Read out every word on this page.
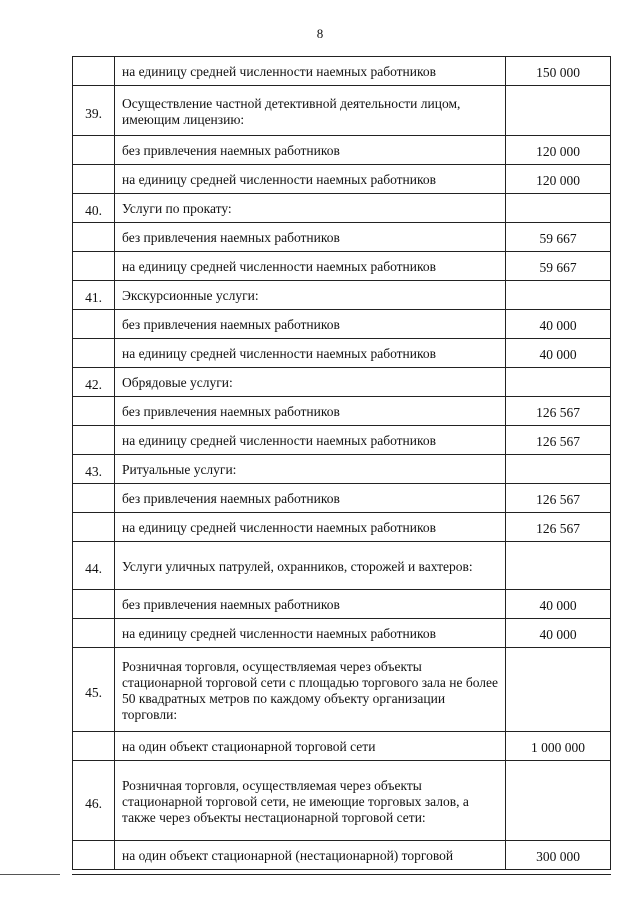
8
	на единицу средней численности наемных работников	150 000
39.	Осуществление частной детективной деятельности лицом, имеющим лицензию:	
	без привлечения наемных работников	120 000
	на единицу средней численности наемных работников	120 000
40.	Услуги по прокату:	
	без привлечения наемных работников	59 667
	на единицу средней численности наемных работников	59 667
41.	Экскурсионные услуги:	
	без привлечения наемных работников	40 000
	на единицу средней численности наемных работников	40 000
42.	Обрядовые услуги:	
	без привлечения наемных работников	126 567
	на единицу средней численности наемных работников	126 567
43.	Ритуальные услуги:	
	без привлечения наемных работников	126 567
	на единицу средней численности наемных работников	126 567
44.	Услуги уличных патрулей, охранников, сторожей и вахтеров:	
	без привлечения наемных работников	40 000
	на единицу средней численности наемных работников	40 000
45.	Розничная торговля, осуществляемая через объекты стационарной торговой сети с площадью торгового зала не более 50 квадратных метров по каждому объекту организации торговли:	
	на один объект стационарной торговой сети	1 000 000
46.	Розничная торговля, осуществляемая через объекты стационарной торговой сети, не имеющие торговых залов, а также через объекты нестационарной торговой сети:	
	на один объект стационарной (нестационарной) торговой	300 000
